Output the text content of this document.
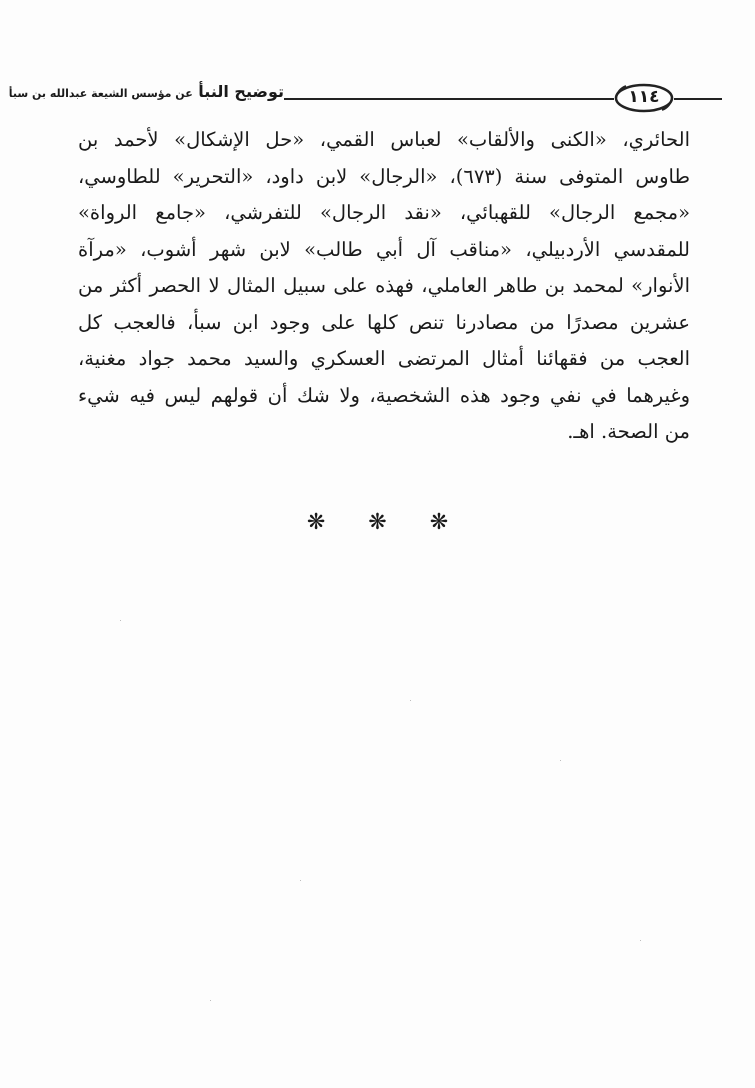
توضيح النبأ عن مؤسس الشيعة عبدالله بن سبأ	١١٤
الحائري، «الكنى والألقاب» لعباس القمي، «حل الإشكال» لأحمد بن
طاوس المتوفى سنة (٦٧٣)، «الرجال» لابن داود، «التحرير» للطاوسي،
«مجمع الرجال» للقهبائي، «نقد الرجال» للتفرشي، «جامع الرواة»
للمقدسي الأردبيلي، «مناقب آل أبي طالب» لابن شهر أشوب، «مرآة
الأنوار» لمحمد بن طاهر العاملي، فهذه على سبيل المثال لا الحصر أكثر من
عشرين مصدرًا من مصادرنا تنص كلها على وجود ابن سبأ، فالعجب كل
العجب من فقهائنا أمثال المرتضى العسكري والسيد محمد جواد مغنية،
وغيرهما في نفي وجود هذه الشخصية، ولا شك أن قولهم ليس فيه شيء
من الصحة. اهـ.
❋ ❋ ❋
